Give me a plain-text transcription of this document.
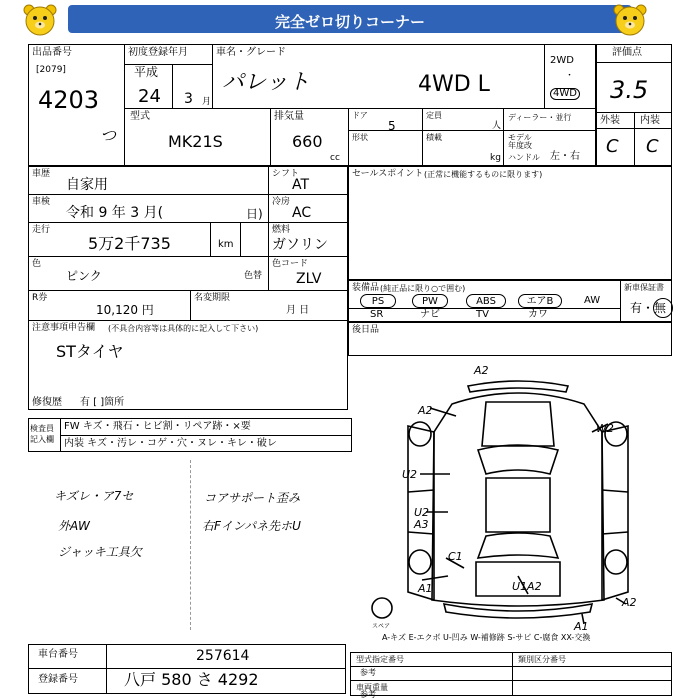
完全ゼロ切りコーナー
出品番号
[2079]
4203
つ
初度登録年月
平成
24 3 月
車名・グレード
パレット	4WD L
2WD
・
4WD
評価点
3.5
外装 内装
C C
型式
MK21S
排気量
660
cc
ドア
5
定員
人
形状	積載
kg
ディーラー・並行
モデル 年度改
ハンドル 左・右
車歴
自家用
シフト
AT
車検
令和 9 年 3 月(	日)
冷房
AC
走行
5万2千735	km
燃料
ガソリン
色
ピンク	色替
色コード
ZLV
R券
10,120 円
名変期限
月 日
注意事項申告欄 (不具合内容等は具体的に記入して下さい)
STタイヤ
修復歴 有 [ ]箇所
セールスポイント (正常に機能するものに限ります)
装備品 (純正品に限り○で囲む)
PS	PW	ABS	エアB	AW
SR	ナビ	TV	カワ
新車保証書
有・無
後日品
検査員記入欄
FW キズ・飛石・ヒビ割・リペア跡・×要
内装 キズ・汚レ・コゲ・穴・ヌレ・キレ・破レ
キズレ・ア7セ
外AW
ジャッキ工具欠
コアサポート歪み
右Fインパネ先ホU
A2
A2
W2
U2
A3
U2
C1
A1	U1A2
A2
A1
スペア
A-キズ E-エクボ U-凹み W-補修跡 S-サビ C-腐食 XX-交換
車台番号	257614
登録番号	八戸 580 さ 4292
型式指定番号	類別区分番号
参考
車両重量
参考
